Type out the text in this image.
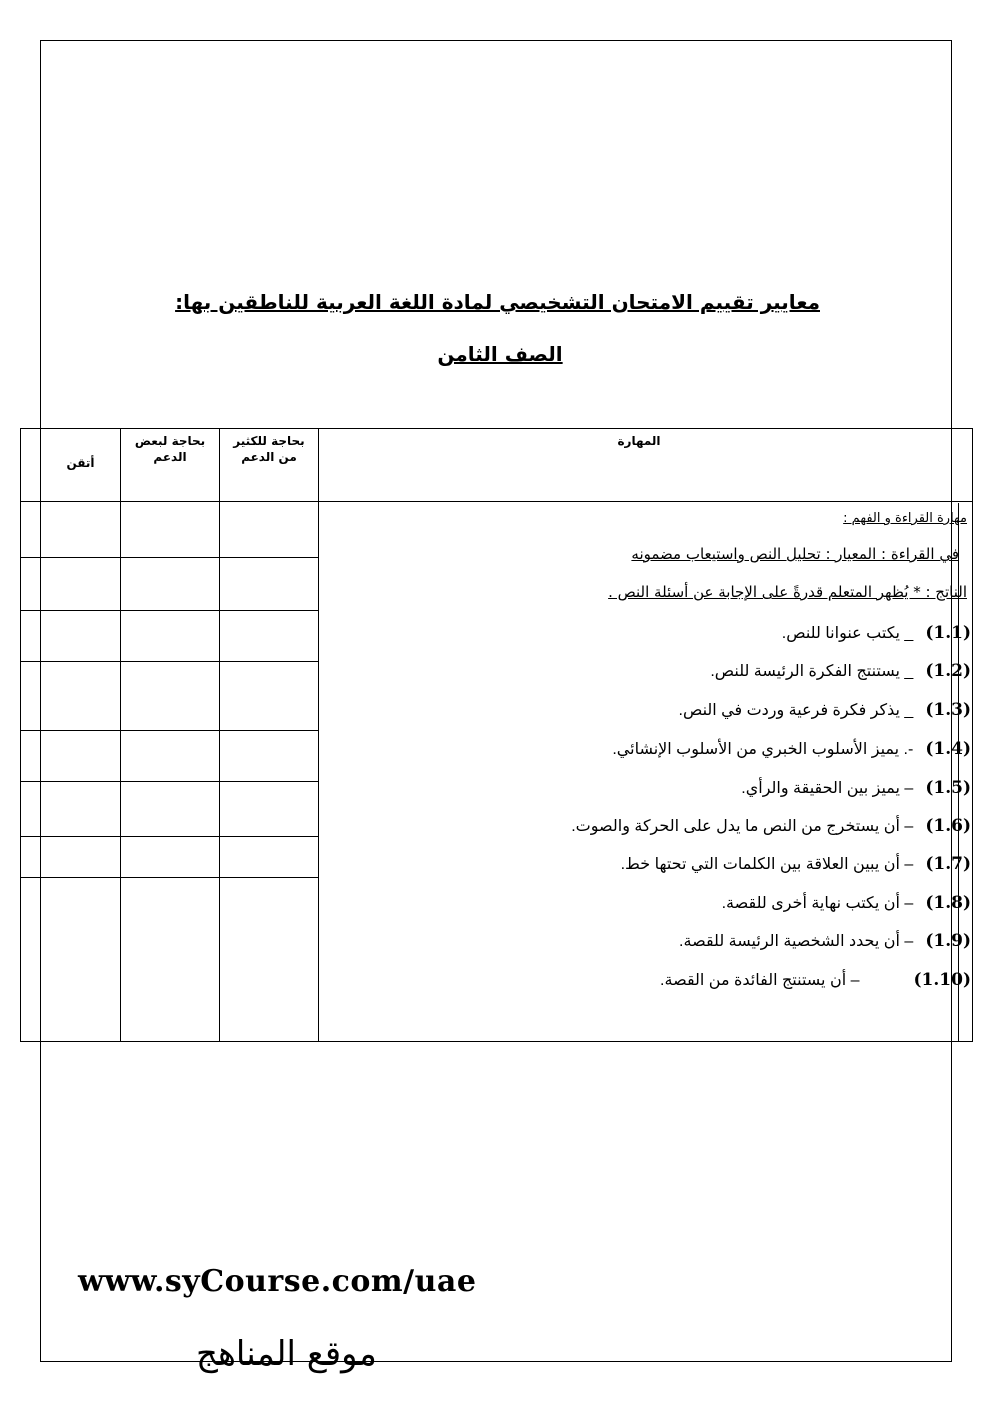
معايير تقييم الامتحان التشخيصي لمادة اللغة العربية للناطقين بها:
الصف الثامن
أتقن
بحاجة لبعض الدعم
بحاجة للكثير من الدعم
المهارة
مهارة القراءة و الفهم :
في القراءة : المعيار : تحليل النص واستيعاب مضمونه
الناتج : * يُظهر المتعلم قدرةً على الإجابة عن أسئلة النص .
(1.1)
_ يكتب عنوانا للنص.
(1.2)
_ يستنتج الفكرة الرئيسة للنص.
(1.3)
_ يذكر فكرة فرعية وردت في النص.
(1.4)
-. يميز الأسلوب الخبري من الأسلوب الإنشائي.
(1.5)
– يميز بين الحقيقة والرأي.
(1.6)
– أن يستخرج من النص ما يدل على الحركة والصوت.
(1.7)
– أن يبين العلاقة بين الكلمات التي تحتها خط.
(1.8)
– أن يكتب نهاية أخرى للقصة.
(1.9)
– أن يحدد الشخصية الرئيسة للقصة.
(1.10)
– أن يستنتج الفائدة من القصة.
www.syCourse.com/uae
موقع المناهج
